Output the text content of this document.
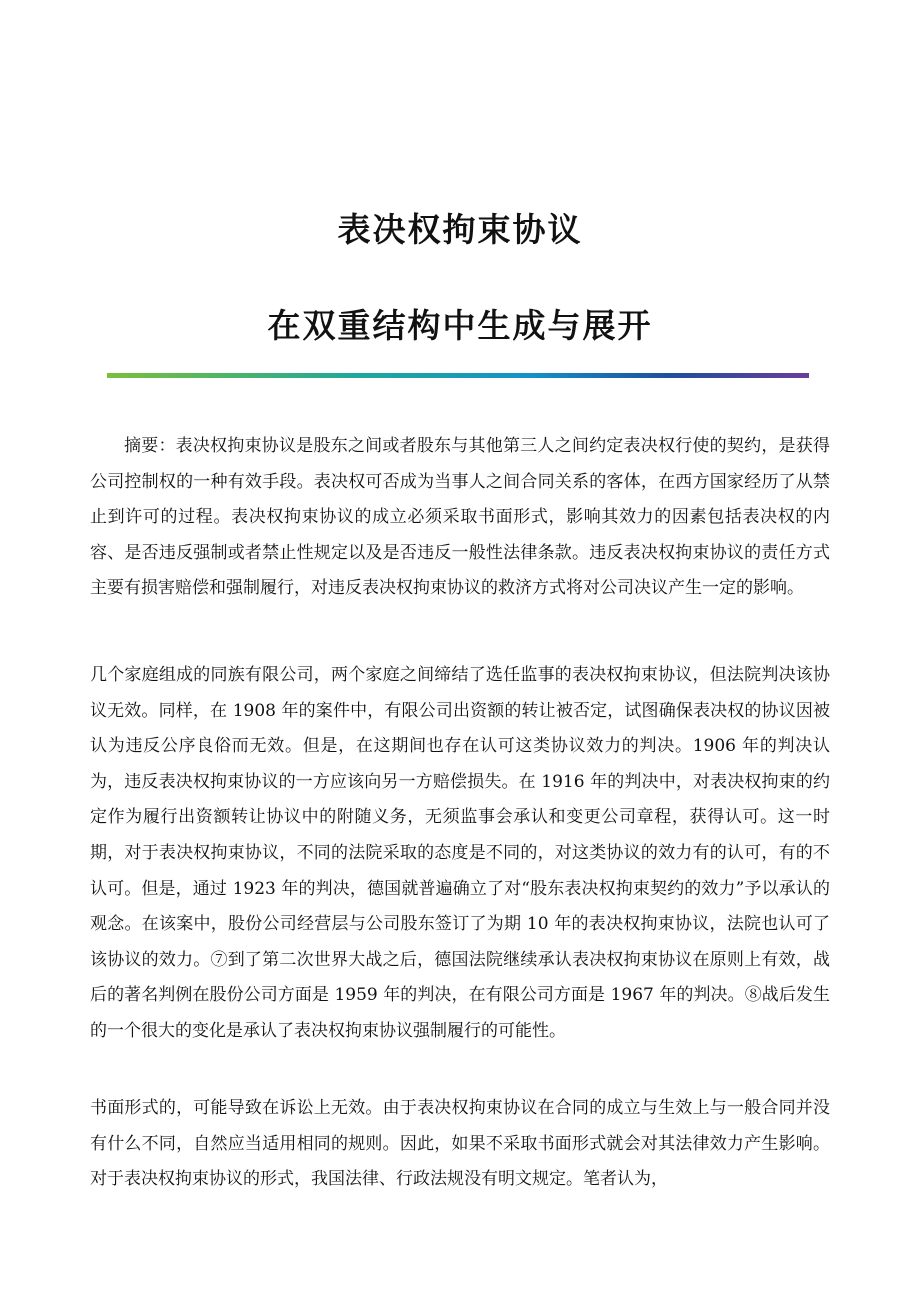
表决权拘束协议
在双重结构中生成与展开

摘要：表决权拘束协议是股东之间或者股东与其他第三人之间约定表决权行使的契约，是获得公司控制权的一种有效手段。表决权可否成为当事人之间合同关系的客体，在西方国家经历了从禁止到许可的过程。表决权拘束协议的成立必须采取书面形式，影响其效力的因素包括表决权的内容、是否违反强制或者禁止性规定以及是否违反一般性法律条款。违反表决权拘束协议的责任方式主要有损害赔偿和强制履行，对违反表决权拘束协议的救济方式将对公司决议产生一定的影响。

几个家庭组成的同族有限公司，两个家庭之间缔结了选任监事的表决权拘束协议，但法院判决该协议无效。同样，在 1908 年的案件中，有限公司出资额的转让被否定，试图确保表决权的协议因被认为违反公序良俗而无效。但是，在这期间也存在认可这类协议效力的判决。1906 年的判决认为，违反表决权拘束协议的一方应该向另一方赔偿损失。在 1916 年的判决中，对表决权拘束的约定作为履行出资额转让协议中的附随义务，无须监事会承认和变更公司章程，获得认可。这一时期，对于表决权拘束协议，不同的法院采取的态度是不同的，对这类协议的效力有的认可，有的不认可。但是，通过 1923 年的判决，德国就普遍确立了对“股东表决权拘束契约的效力”予以承认的观念。在该案中，股份公司经营层与公司股东签订了为期 10 年的表决权拘束协议，法院也认可了该协议的效力。⑦到了第二次世界大战之后，德国法院继续承认表决权拘束协议在原则上有效，战后的著名判例在股份公司方面是 1959 年的判决，在有限公司方面是 1967 年的判决。⑧战后发生的一个很大的变化是承认了表决权拘束协议强制履行的可能性。

书面形式的，可能导致在诉讼上无效。由于表决权拘束协议在合同的成立与生效上与一般合同并没有什么不同，自然应当适用相同的规则。因此，如果不采取书面形式就会对其法律效力产生影响。对于表决权拘束协议的形式，我国法律、行政法规没有明文规定。笔者认为，
